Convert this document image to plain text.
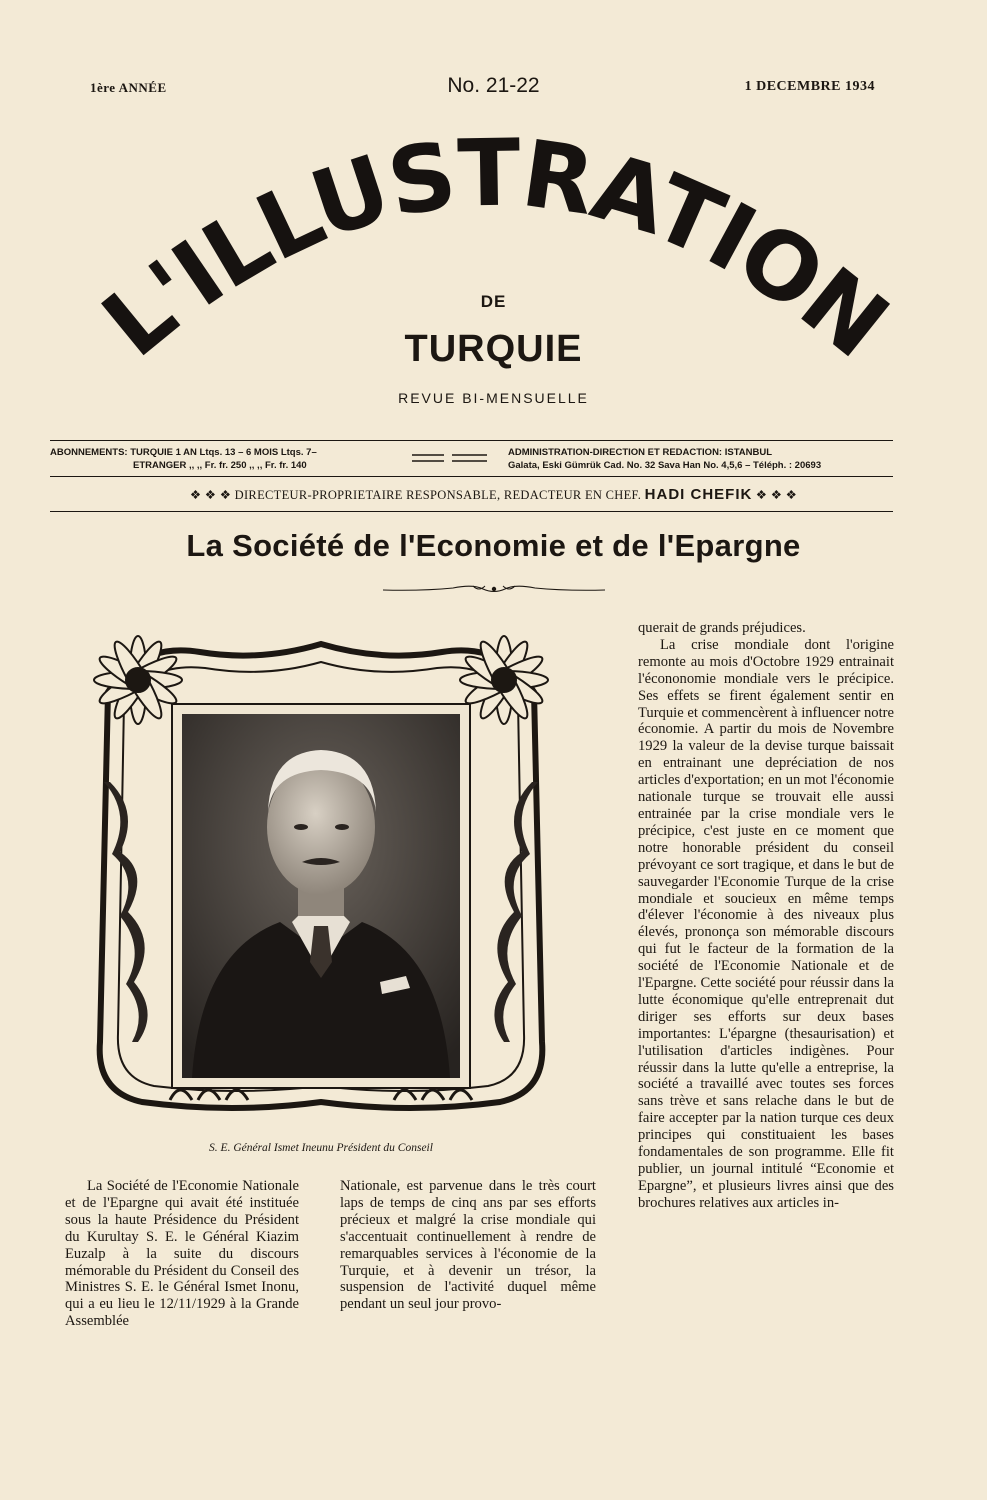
1ère ANNÉE	No. 21-22	1 DECEMBRE 1934
L'ILLUSTRATION
DE
TURQUIE
REVUE BI-MENSUELLE
ABONNEMENTS: TURQUIE 1 AN Ltqs. 13 – 6 MOIS Ltqs. 7–
ETRANGER ,, ,, Fr. fr. 250 ,, ,, Fr. fr. 140
ADMINISTRATION-DIRECTION ET REDACTION: ISTANBUL
Galata, Eski Gümrük Cad. No. 32 Sava Han No. 4,5,6 – Téléph. : 20693
❖ ❖ ❖ DIRECTEUR-PROPRIETAIRE RESPONSABLE, REDACTEUR EN CHEF. HADI CHEFIK ❖ ❖ ❖
La Société de l'Economie et de l'Epargne
S. E. Général Ismet Ineunu Président du Conseil

La Société de l'Economie Nationale et de l'Epargne qui avait été instituée sous la haute Présidence du Président du Kurultay S. E. le Général Kiazim Euzalp à la suite du discours mémorable du Président du Conseil des Ministres S. E. le Général Ismet Inonu, qui a eu lieu le 12/11/1929 à la Grande Assemblée

Nationale, est parvenue dans le très court laps de temps de cinq ans par ses efforts précieux et malgré la crise mondiale qui s'accentuait continuellement à rendre de remarquables services à l'économie de la Turquie, et à devenir un trésor, la suspension de l'activité duquel même pendant un seul jour provo-

querait de grands préjudices.

La crise mondiale dont l'origine remonte au mois d'Octobre 1929 entrainait l'écononomie mondiale vers le précipice. Ses effets se firent également sentir en Turquie et commencèrent à influencer notre économie. A partir du mois de Novembre 1929 la valeur de la devise turque baissait en entrainant une depréciation de nos articles d'exportation; en un mot l'économie nationale turque se trouvait elle aussi entrainée par la crise mondiale vers le précipice, c'est juste en ce moment que notre honorable président du conseil prévoyant ce sort tragique, et dans le but de sauvegarder l'Economie Turque de la crise mondiale et soucieux en même temps d'élever l'économie à des niveaux plus élevés, prononça son mémorable discours qui fut le facteur de la formation de la société de l'Economie Nationale et de l'Epargne. Cette société pour réussir dans la lutte économique qu'elle entreprenait dut diriger ses efforts sur deux bases importantes: L'épargne (thesaurisation) et l'utilisation d'articles indigènes. Pour réussir dans la lutte qu'elle a entreprise, la société a travaillé avec toutes ses forces sans trève et sans relache dans le but de faire accepter par la nation turque ces deux principes qui constituaient les bases fondamentales de son programme. Elle fit publier, un journal intitulé “Economie et Epargne”, et plusieurs livres ainsi que des brochures relatives aux articles in-
